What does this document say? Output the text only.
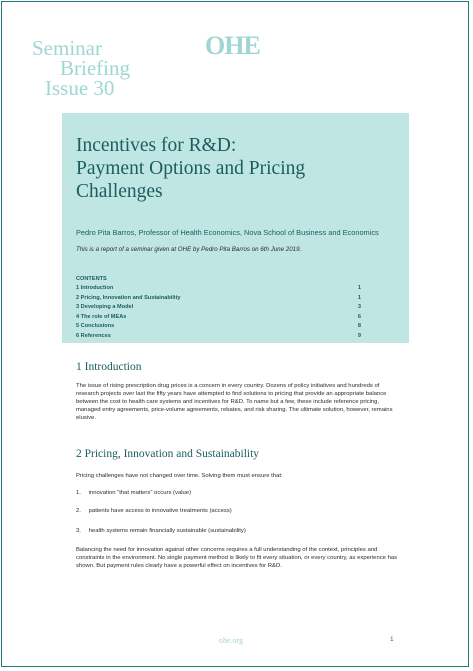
Seminar
Briefing
Issue 30
OHE
Incentives for R&D:
Payment Options and Pricing
Challenges
Pedro Pita Barros, Professor of Health Economics, Nova School of Business and Economics
This is a report of a seminar given at OHE by Pedro Pita Barros on 6th June 2019.
CONTENTS
1 Introduction	1
2 Pricing, Innovation and Sustainability	1
3 Developing a Model	3
4 The role of MEAs	6
5 Conclusions	8
6 References	9
1 Introduction

The issue of rising prescription drug prices is a concern in every country. Dozens of policy initiatives and hundreds of research projects over last the fifty years have attempted to find solutions to pricing that provide an appropriate balance between the cost to health care systems and incentives for R&D. To name but a few, these include reference pricing, managed entry agreements, price-volume agreements, rebates, and risk sharing. The ultimate solution, however, remains elusive.

2 Pricing, Innovation and Sustainability

Pricing challenges have not changed over time. Solving them must ensure that:

1. innovation "that matters" occurs (value)
2. patients have access to innovative treatments (access)
3. health systems remain financially sustainable (sustainability)

Balancing the need for innovation against other concerns requires a full understanding of the context, principles and constraints in the environment. No single payment method is likely to fit every situation, or every country, as experience has shown. But payment rules clearly have a powerful effect on incentives for R&D.

ohe.org	1
